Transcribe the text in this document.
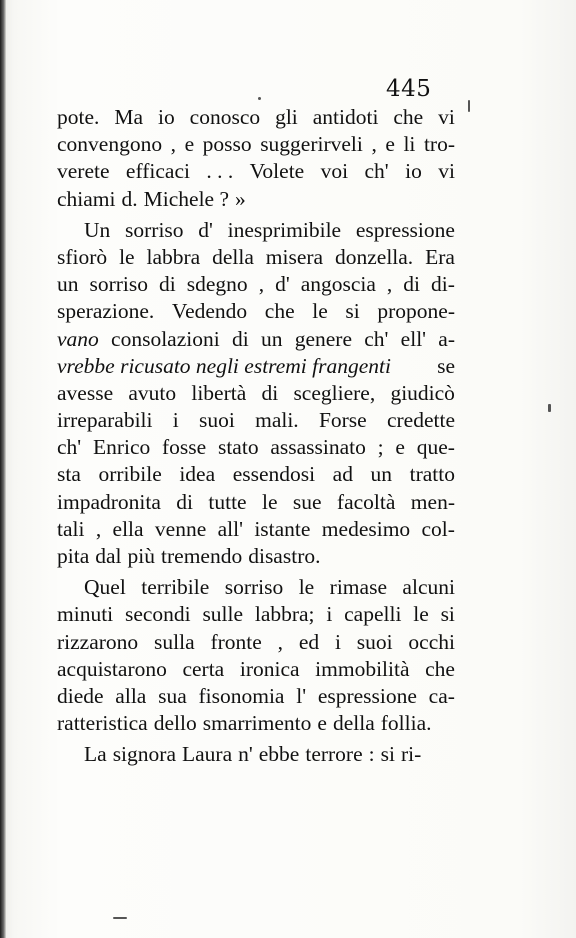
445
pote. Ma io conosco gli antidoti che vi
convengono , e posso suggerirveli , e li tro-
verete efficaci . . . Volete voi ch' io vi
chiami d. Michele ? »
Un sorriso d' inesprimibile espressione
sfiorò le labbra della misera donzella. Era
un sorriso di sdegno , d' angoscia , di di-
sperazione. Vedendo che le si propone-
vano consolazioni di un genere ch' ell' a-
vrebbe ricusato negli estremi frangenti se
avesse avuto libertà di scegliere, giudicò
irreparabili i suoi mali. Forse credette
ch' Enrico fosse stato assassinato ; e que-
sta orribile idea essendosi ad un tratto
impadronita di tutte le sue facoltà men-
tali , ella venne all' istante medesimo col-
pita dal più tremendo disastro.
Quel terribile sorriso le rimase alcuni
minuti secondi sulle labbra; i capelli le si
rizzarono sulla fronte , ed i suoi occhi
acquistarono certa ironica immobilità che
diede alla sua fisonomia l' espressione ca-
ratteristica dello smarrimento e della follia.
La signora Laura n' ebbe terrore : si ri-
